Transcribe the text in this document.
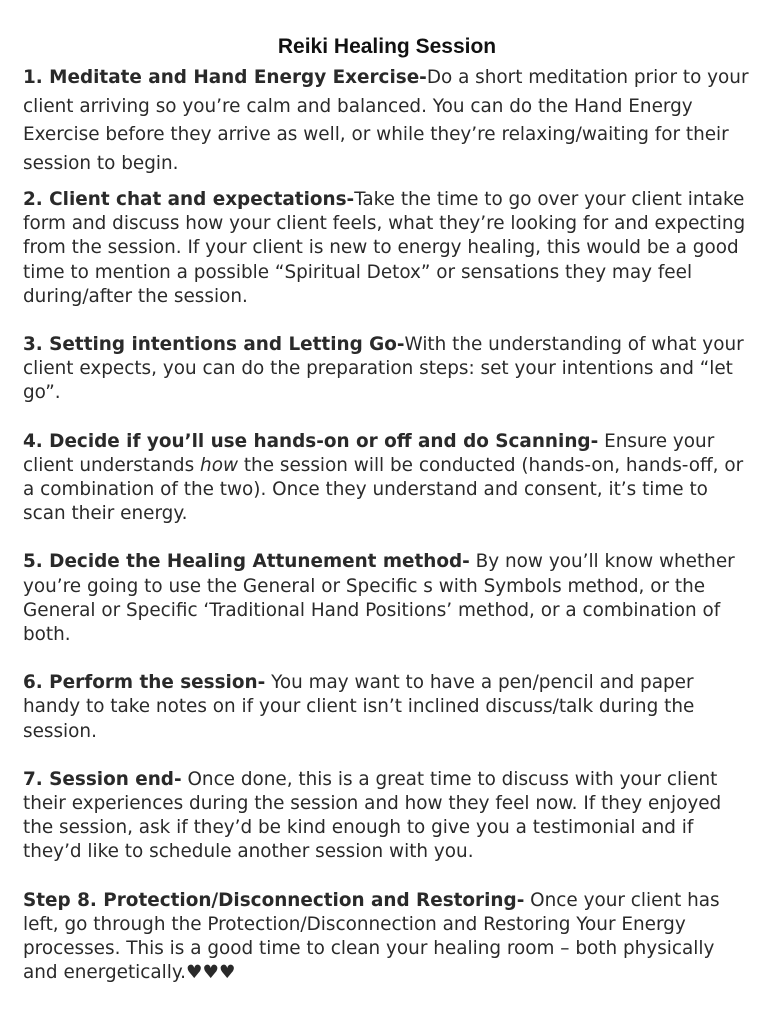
Reiki Healing Session

1. Meditate and Hand Energy Exercise-Do a short meditation prior to your client arriving so you’re calm and balanced. You can do the Hand Energy Exercise before they arrive as well, or while they’re relaxing/waiting for their session to begin.

2. Client chat and expectations-Take the time to go over your client intake form and discuss how your client feels, what they’re looking for and expecting from the session. If your client is new to energy healing, this would be a good time to mention a possible “Spiritual Detox” or sensations they may feel during/after the session.

3. Setting intentions and Letting Go-With the understanding of what your client expects, you can do the preparation steps: set your intentions and “let go”.

4. Decide if you’ll use hands-on or off and do Scanning- Ensure your client understands how the session will be conducted (hands-on, hands-off, or a combination of the two). Once they understand and consent, it’s time to scan their energy.

5. Decide the Healing Attunement method- By now you’ll know whether you’re going to use the General or Specific s with Symbols method, or the General or Specific ‘Traditional Hand Positions’ method, or a combination of both.

6. Perform the session- You may want to have a pen/pencil and paper handy to take notes on if your client isn’t inclined discuss/talk during the session.

7. Session end- Once done, this is a great time to discuss with your client their experiences during the session and how they feel now. If they enjoyed the session, ask if they’d be kind enough to give you a testimonial and if they’d like to schedule another session with you.

Step 8. Protection/Disconnection and Restoring- Once your client has left, go through the Protection/Disconnection and Restoring Your Energy processes. This is a good time to clean your healing room – both physically and energetically.♥♥♥
